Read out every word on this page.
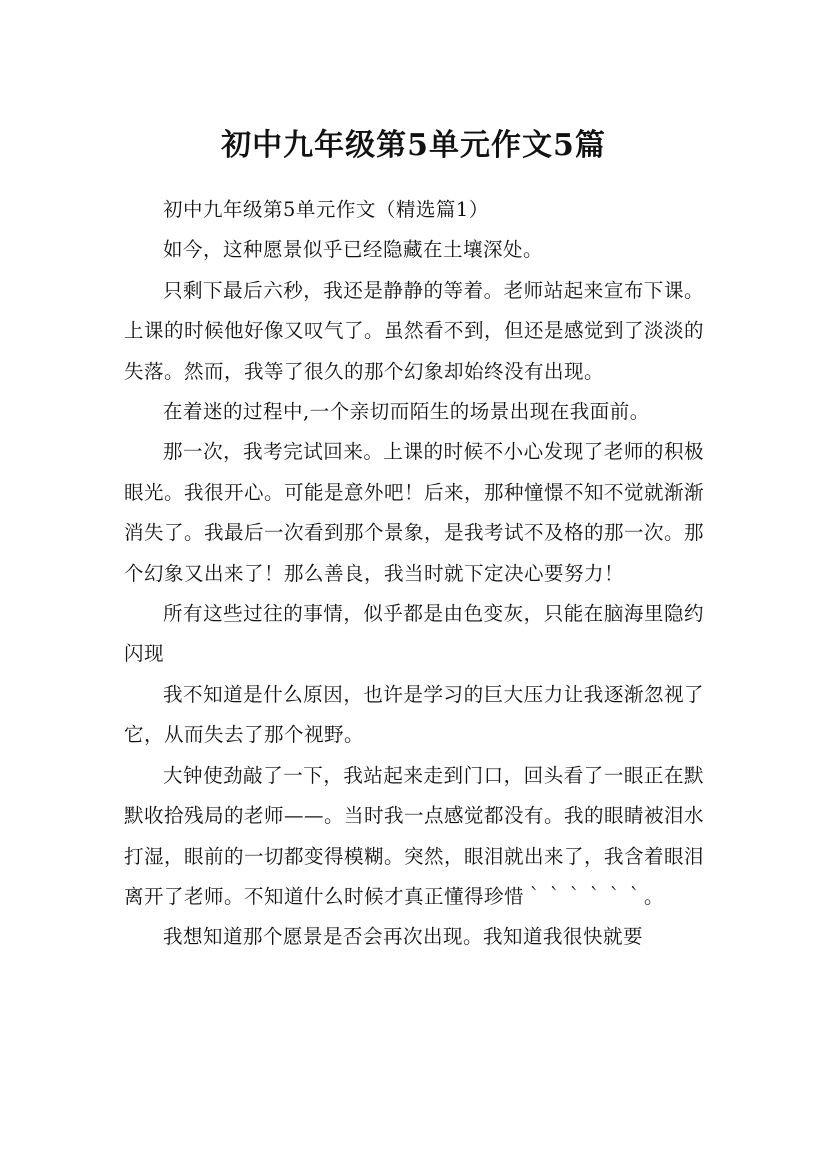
初中九年级第5单元作文5篇

初中九年级第5单元作文（精选篇1）

如今，这种愿景似乎已经隐藏在土壤深处。

只剩下最后六秒，我还是静静的等着。老师站起来宣布下课。上课的时候他好像又叹气了。虽然看不到，但还是感觉到了淡淡的失落。然而，我等了很久的那个幻象却始终没有出现。

在着迷的过程中,一个亲切而陌生的场景出现在我面前。

那一次，我考完试回来。上课的时候不小心发现了老师的积极眼光。我很开心。可能是意外吧！后来，那种憧憬不知不觉就渐渐消失了。我最后一次看到那个景象，是我考试不及格的那一次。那个幻象又出来了！那么善良，我当时就下定决心要努力！

所有这些过往的事情，似乎都是由色变灰，只能在脑海里隐约闪现

我不知道是什么原因，也许是学习的巨大压力让我逐渐忽视了它，从而失去了那个视野。

大钟使劲敲了一下，我站起来走到门口，回头看了一眼正在默默收拾残局的老师——。当时我一点感觉都没有。我的眼睛被泪水打湿，眼前的一切都变得模糊。突然，眼泪就出来了，我含着眼泪离开了老师。不知道什么时候才真正懂得珍惜｀｀｀｀｀｀。

我想知道那个愿景是否会再次出现。我知道我很快就要
